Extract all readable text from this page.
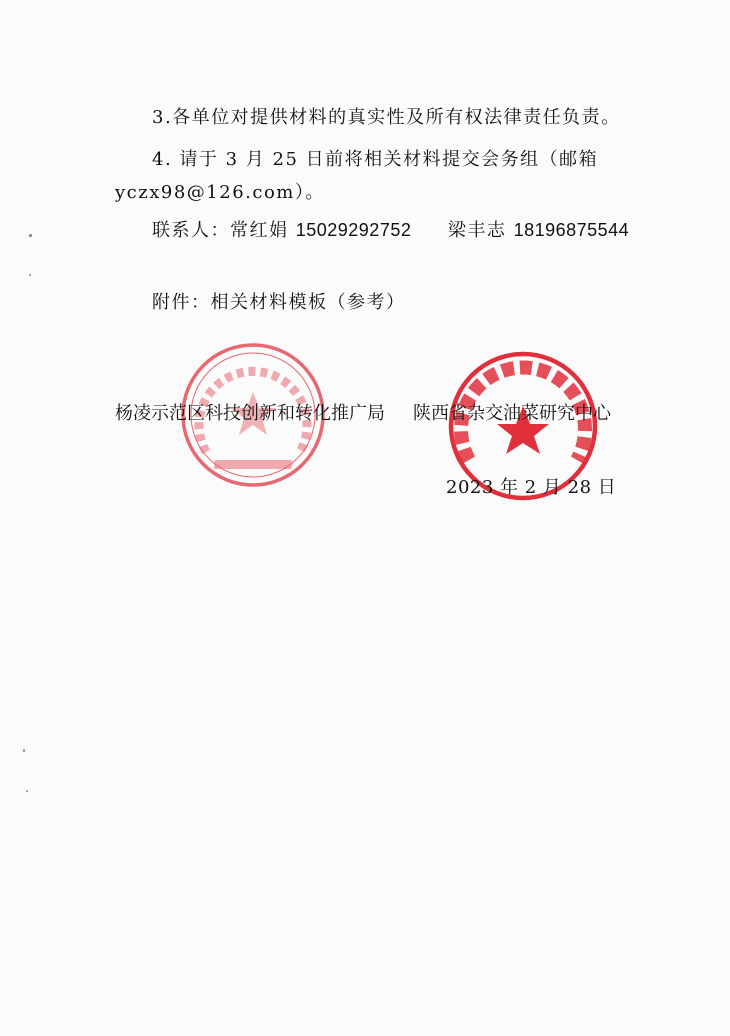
3.各单位对提供材料的真实性及所有权法律责任负责。
4. 请于 3 月 25 日前将相关材料提交会务组（邮箱
yczx98@126.com）。
联系人：常红娟 15029292752 梁丰志 18196875544
附件：相关材料模板（参考）
杨凌示范区科技创新和转化推广局 陕西省杂交油菜研究中心
2023 年 2 月 28 日
